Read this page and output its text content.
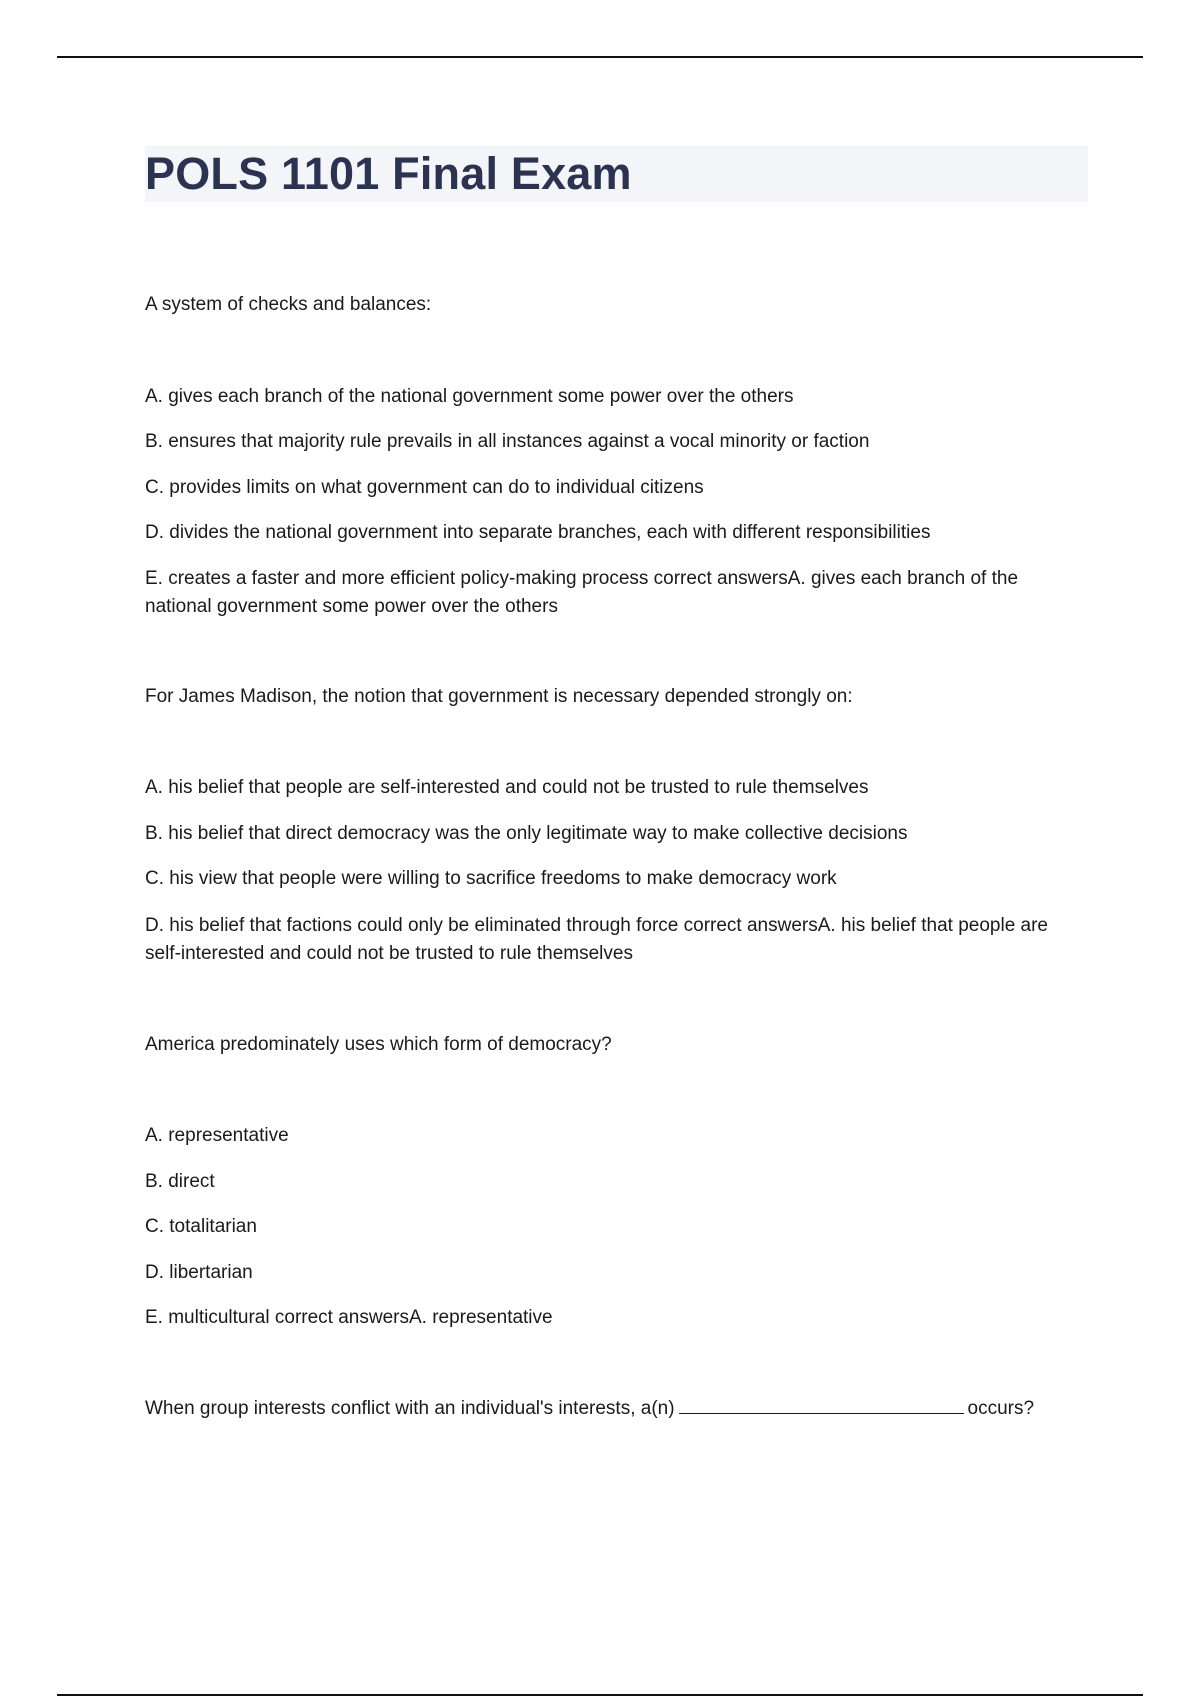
POLS 1101 Final Exam

A system of checks and balances:

A. gives each branch of the national government some power over the others

B. ensures that majority rule prevails in all instances against a vocal minority or faction

C. provides limits on what government can do to individual citizens

D. divides the national government into separate branches, each with different responsibilities

E. creates a faster and more efficient policy-making process correct answersA. gives each branch of the national government some power over the others

For James Madison, the notion that government is necessary depended strongly on:

A. his belief that people are self-interested and could not be trusted to rule themselves

B. his belief that direct democracy was the only legitimate way to make collective decisions

C. his view that people were willing to sacrifice freedoms to make democracy work

D. his belief that factions could only be eliminated through force correct answersA. his belief that people are self-interested and could not be trusted to rule themselves

America predominately uses which form of democracy?

A. representative

B. direct

C. totalitarian

D. libertarian

E. multicultural correct answersA. representative

When group interests conflict with an individual's interests, a(n)	occurs?
